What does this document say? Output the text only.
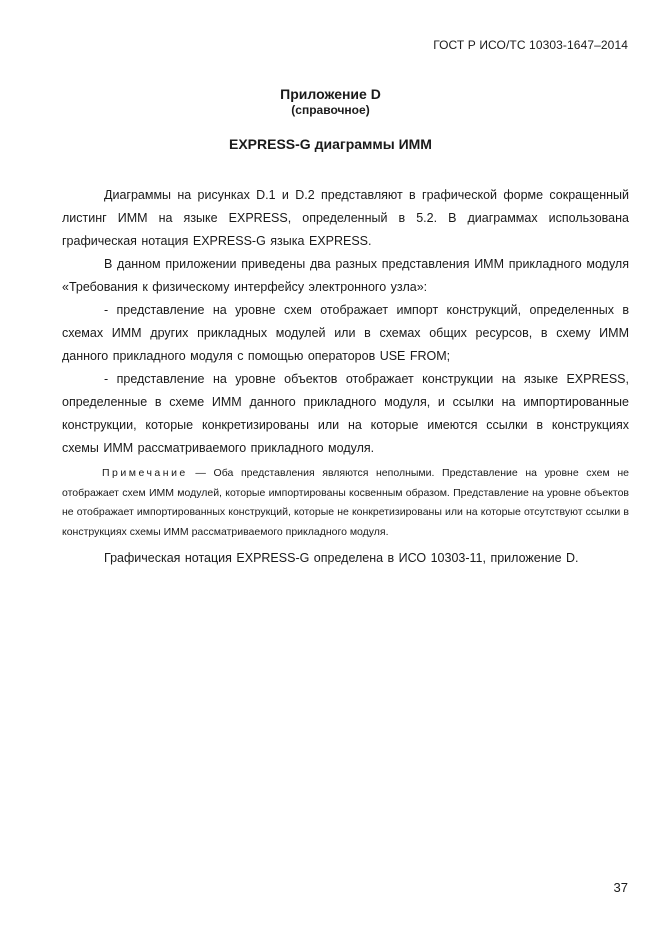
ГОСТ Р ИСО/ТС 10303-1647–2014
Приложение D
(справочное)
EXPRESS-G диаграммы ИММ

Диаграммы на рисунках D.1 и D.2 представляют в графической форме сокращенный листинг ИММ на языке EXPRESS, определенный в 5.2. В диаграммах использована графическая нотация EXPRESS-G языка EXPRESS.

В данном приложении приведены два разных представления ИММ прикладного модуля «Требования к физическому интерфейсу электронного узла»:

- представление на уровне схем отображает импорт конструкций, определенных в схемах ИММ других прикладных модулей или в схемах общих ресурсов, в схему ИММ данного прикладного модуля с помощью операторов USE FROM;

- представление на уровне объектов отображает конструкции на языке EXPRESS, определенные в схеме ИММ данного прикладного модуля, и ссылки на импортированные конструкции, которые конкретизированы или на которые имеются ссылки в конструкциях схемы ИММ рассматриваемого прикладного модуля.

Примечание — Оба представления являются неполными. Представление на уровне схем не отображает схем ИММ модулей, которые импортированы косвенным образом. Представление на уровне объектов не отображает импортированных конструкций, которые не конкретизированы или на которые отсутствуют ссылки в конструкциях схемы ИММ рассматриваемого прикладного модуля.

Графическая нотация EXPRESS-G определена в ИСО 10303-11, приложение D.

37
